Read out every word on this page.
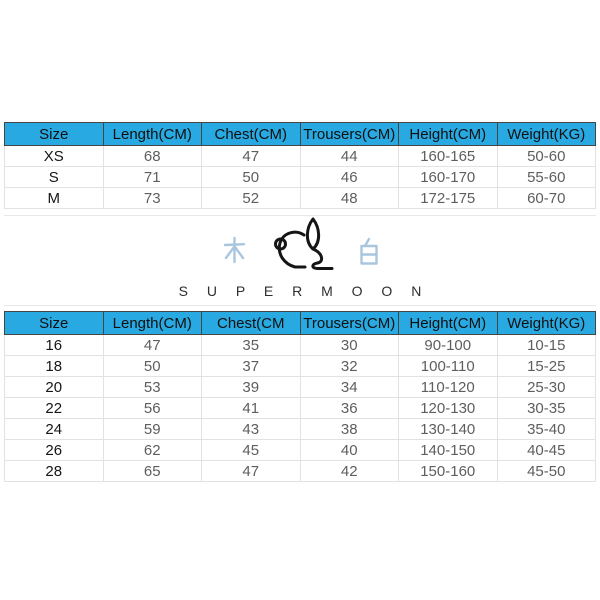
Size	Length(CM)	Chest(CM)	Trousers(CM)	Height(CM)	Weight(KG)
XS	68	47	44	160-165	50-60
S	71	50	46	160-170	55-60
M	73	52	48	172-175	60-70
S U P E R M O O N
Size	Length(CM)	Chest(CM	Trousers(CM)	Height(CM)	Weight(KG)
16	47	35	30	90-100	10-15
18	50	37	32	100-110	15-25
20	53	39	34	110-120	25-30
22	56	41	36	120-130	30-35
24	59	43	38	130-140	35-40
26	62	45	40	140-150	40-45
28	65	47	42	150-160	45-50
